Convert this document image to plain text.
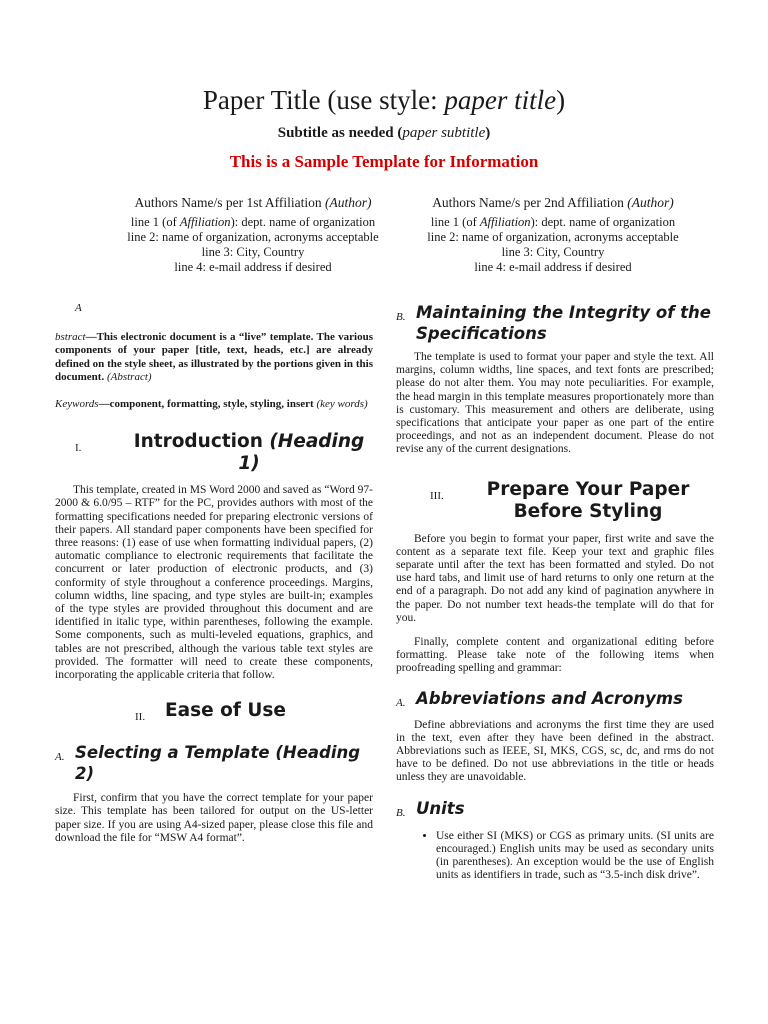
Paper Title (use style: paper title)
Subtitle as needed (paper subtitle)
This is a Sample Template for Information
Authors Name/s per 1st Affiliation (Author)
line 1 (of Affiliation): dept. name of organization
line 2: name of organization, acronyms acceptable
line 3: City, Country
line 4: e-mail address if desired
Authors Name/s per 2nd Affiliation (Author)
line 1 (of Affiliation): dept. name of organization
line 2: name of organization, acronyms acceptable
line 3: City, Country
line 4: e-mail address if desired
A

bstract—This electronic document is a “live” template. The various components of your paper [title, text, heads, etc.] are already defined on the style sheet, as illustrated by the portions given in this document. (Abstract)

Keywords—component, formatting, style, styling, insert (key words)

I.	Introduction (Heading 1)

This template, created in MS Word 2000 and saved as “Word 97-2000 & 6.0/95 – RTF” for the PC, provides authors with most of the formatting specifications needed for preparing electronic versions of their papers. All standard paper components have been specified for three reasons: (1) ease of use when formatting individual papers, (2) automatic compliance to electronic requirements that facilitate the concurrent or later production of electronic products, and (3) conformity of style throughout a conference proceedings. Margins, column widths, line spacing, and type styles are built-in; examples of the type styles are provided throughout this document and are identified in italic type, within parentheses, following the example. Some components, such as multi-leveled equations, graphics, and tables are not prescribed, although the various table text styles are provided. The formatter will need to create these components, incorporating the applicable criteria that follow.

II.	Ease of Use
A. Selecting a Template (Heading 2)

First, confirm that you have the correct template for your paper size. This template has been tailored for output on the US-letter paper size. If you are using A4-sized paper, please close this file and download the file for “MSW A4 format”.

B. Maintaining the Integrity of the Specifications

The template is used to format your paper and style the text. All margins, column widths, line spaces, and text fonts are prescribed; please do not alter them. You may note peculiarities. For example, the head margin in this template measures proportionately more than is customary. This measurement and others are deliberate, using specifications that anticipate your paper as one part of the entire proceedings, and not as an independent document. Please do not revise any of the current designations.

III.	Prepare Your Paper Before Styling

Before you begin to format your paper, first write and save the content as a separate text file. Keep your text and graphic files separate until after the text has been formatted and styled. Do not use hard tabs, and limit use of hard returns to only one return at the end of a paragraph. Do not add any kind of pagination anywhere in the paper. Do not number text heads-the template will do that for you.

Finally, complete content and organizational editing before formatting. Please take note of the following items when proofreading spelling and grammar:

A. Abbreviations and Acronyms

Define abbreviations and acronyms the first time they are used in the text, even after they have been defined in the abstract. Abbreviations such as IEEE, SI, MKS, CGS, sc, dc, and rms do not have to be defined. Do not use abbreviations in the title or heads unless they are unavoidable.

B. Units
• Use either SI (MKS) or CGS as primary units. (SI units are encouraged.) English units may be used as secondary units (in parentheses). An exception would be the use of English units as identifiers in trade, such as “3.5-inch disk drive”.
